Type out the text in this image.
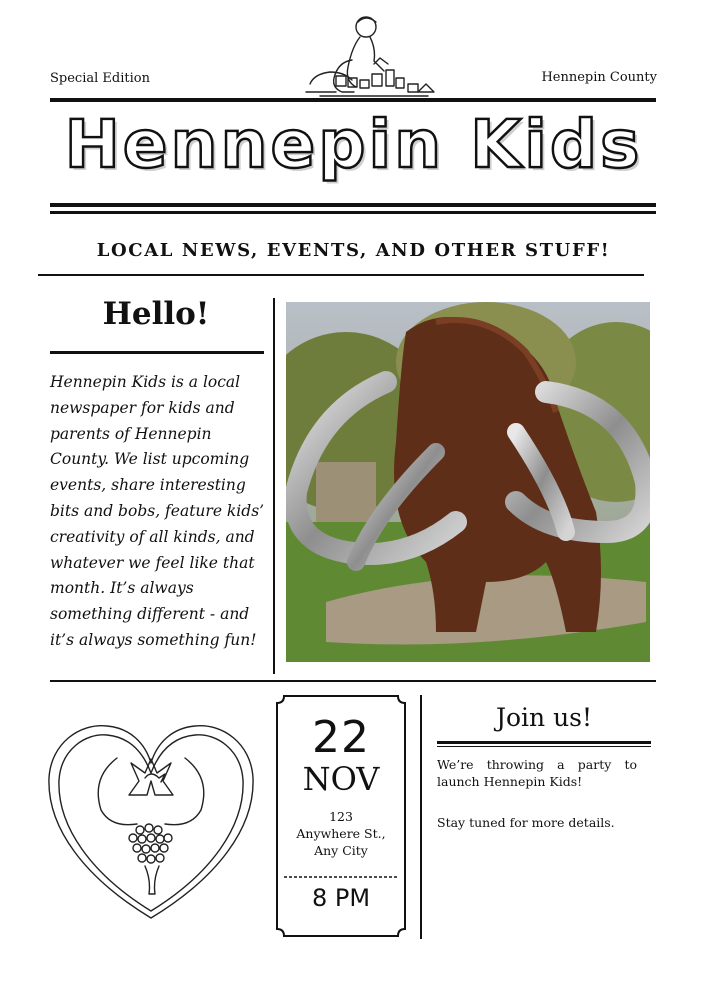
Special Edition	Hennepin County
Hennepin Kids
LOCAL NEWS, EVENTS, AND OTHER STUFF!
Hello!
Hennepin Kids is a local newspaper for kids and parents of Hennepin County. We list upcoming events, share interesting bits and bobs, feature kids’ creativity of all kinds, and whatever we feel like that month. It’s always something different - and it’s always something fun!
22
NOV
123
Anywhere St.,
Any City
8 PM
Join us!
We’re throwing a party to launch Hennepin Kids!
Stay tuned for more details.
